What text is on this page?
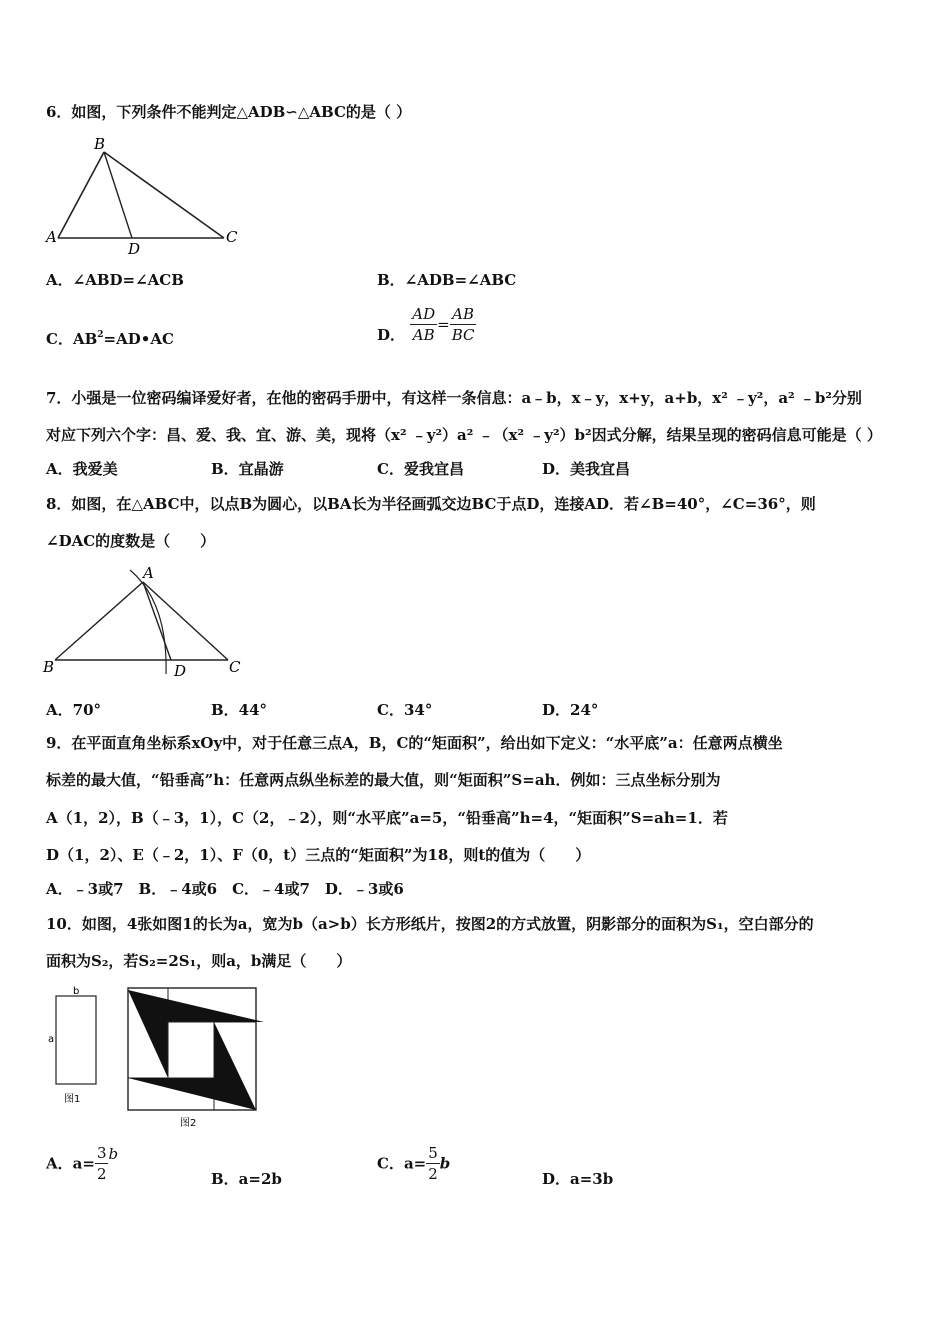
6．如图，下列条件不能判定△ADB∽△ABC的是（ ）
B
A
D
C
A．∠ABD=∠ACB	B．∠ADB=∠ABC
C．$AB^2=AD•AC$	D． $\frac{AD}{AB} = \frac{AB}{BC}$
7．小强是一位密码编译爱好者，在他的密码手册中，有这样一条信息：a﹣b，x﹣y，x+y，a+b，x² ﹣y²，a² ﹣b²分别
对应下列六个字：昌、爱、我、宜、游、美，现将（x² ﹣y²）a² ﹣（x² ﹣y²）b²因式分解，结果呈现的密码信息可能是（ ）
A．我爱美	B．宜晶游	C．爱我宜昌	D．美我宜昌
8．如图，在△ABC中，以点B为圆心，以BA长为半径画弧交边BC于点D，连接AD．若∠B=40°，∠C=36°，则
∠DAC的度数是（　　）
A
B	D	C
A．70°	B．44°	C．34°	D．24°
9．在平面直角坐标系xOy中，对于任意三点A，B，C的“矩面积”，给出如下定义：“水平底”a：任意两点横坐
标差的最大值，“铅垂高”h：任意两点纵坐标差的最大值，则“矩面积”S=ah．例如：三点坐标分别为
A（1，2），B（﹣3，1），C（2，﹣2），则“水平底”a=5，“铅垂高”h=4，“矩面积”S=ah=1．若
D（1，2）、E（﹣2，1）、F（0，t）三点的“矩面积”为18，则t的值为（　　）
A．﹣3或7　B．﹣4或6　C．﹣4或7　D．﹣3或6
10．如图，4张如图1的长为a，宽为b（a>b）长方形纸片，按图2的方式放置，阴影部分的面积为S₁，空白部分的
面积为S₂，若S₂=2S₁，则a，b满足（　　）
b
a
图1
图2
A．$a= \frac{3}{2}$ b
B．a=2b
C．$a= \frac{5}{2}$ b
D．a=3b
